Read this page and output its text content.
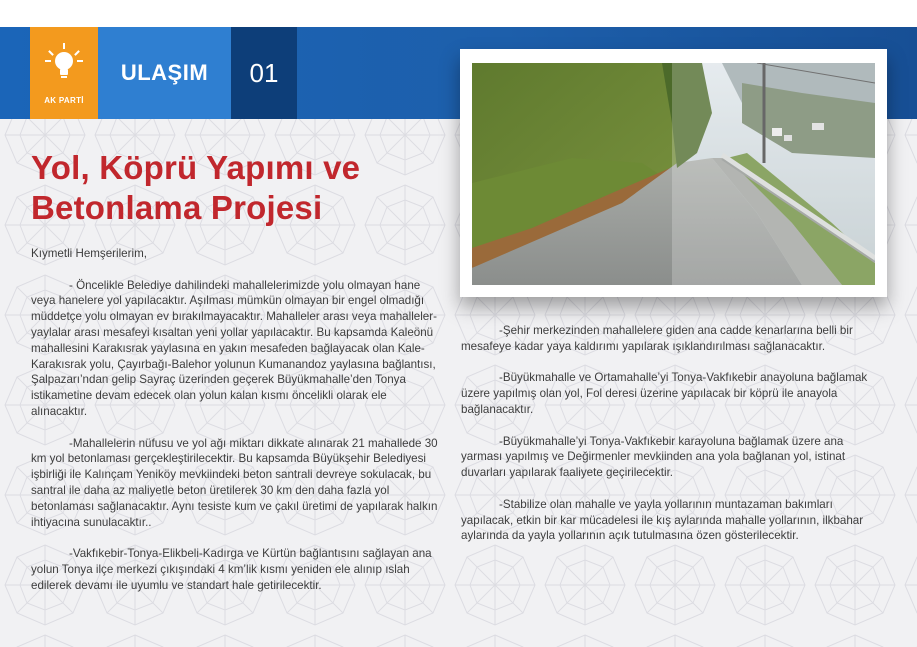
AK PARTİ
ULAŞIM	01
Yol, Köprü Yapımı ve
Betonlama Projesi

Kıymetli Hemşerilerim,

- Öncelikle Belediye dahilindeki mahallelerimizde yolu olmayan hane veya hanelere yol yapılacaktır. Aşılması mümkün olmayan bir engel olmadığı müddetçe yolu olmayan ev bırakılmayacaktır. Mahalleler arası veya mahalleler-yaylalar arası mesafeyi kısaltan yeni yollar yapılacaktır. Bu kapsamda Kaleönü mahallesini Karakısrak yaylasına en yakın mesafeden bağlayacak olan Kale-Karakısrak yolu, Çayırbağı-Balehor yolunun Kumanandoz yaylasına bağlantısı, Şalpazarı’ndan gelip Sayraç üzerinden geçerek Büyükmahalle’den Tonya istikametine devam edecek olan yolun kalan kısmı öncelikli olarak ele alınacaktır.

-Mahallelerin nüfusu ve yol ağı miktarı dikkate alınarak 21 mahallede 30 km yol betonlaması gerçekleştirilecektir. Bu kapsamda Büyükşehir Belediyesi işbirliği ile Kalınçam Yeniköy mevkiindeki beton santrali devreye sokulacak, bu santral ile daha az maliyetle beton üretilerek 30 km den daha fazla yol betonlaması sağlanacaktır. Aynı tesiste kum ve çakıl üretimi de yapılarak halkın ihtiyacına sunulacaktır..

-Vakfıkebir-Tonya-Elikbeli-Kadırga ve Kürtün bağlantısını sağlayan ana yolun Tonya ilçe merkezi çıkışındaki 4 km’lik kısmı yeniden ele alınıp ıslah edilerek devamı ile uyumlu ve standart hale getirilecektir.

-Şehir merkezinden mahallelere giden ana cadde kenarlarına belli bir mesafeye kadar yaya kaldırımı yapılarak ışıklandırılması sağlanacaktır.

-Büyükmahalle ve Ortamahalle’yi Tonya-Vakfıkebir anayoluna bağlamak üzere yapılmış olan yol, Fol deresi üzerine yapılacak bir köprü ile anayola bağlanacaktır.

-Büyükmahalle’yi Tonya-Vakfıkebir karayoluna bağlamak üzere ana yarması yapılmış ve Değirmenler mevkiinden ana yola bağlanan yol, istinat duvarları yapılarak faaliyete geçirilecektir.

-Stabilize olan mahalle ve yayla yollarının muntazaman bakımları yapılacak, etkin bir kar mücadelesi ile kış aylarında mahalle yollarının, ilkbahar aylarında da yayla yollarının açık tutulmasına özen gösterilecektir.
